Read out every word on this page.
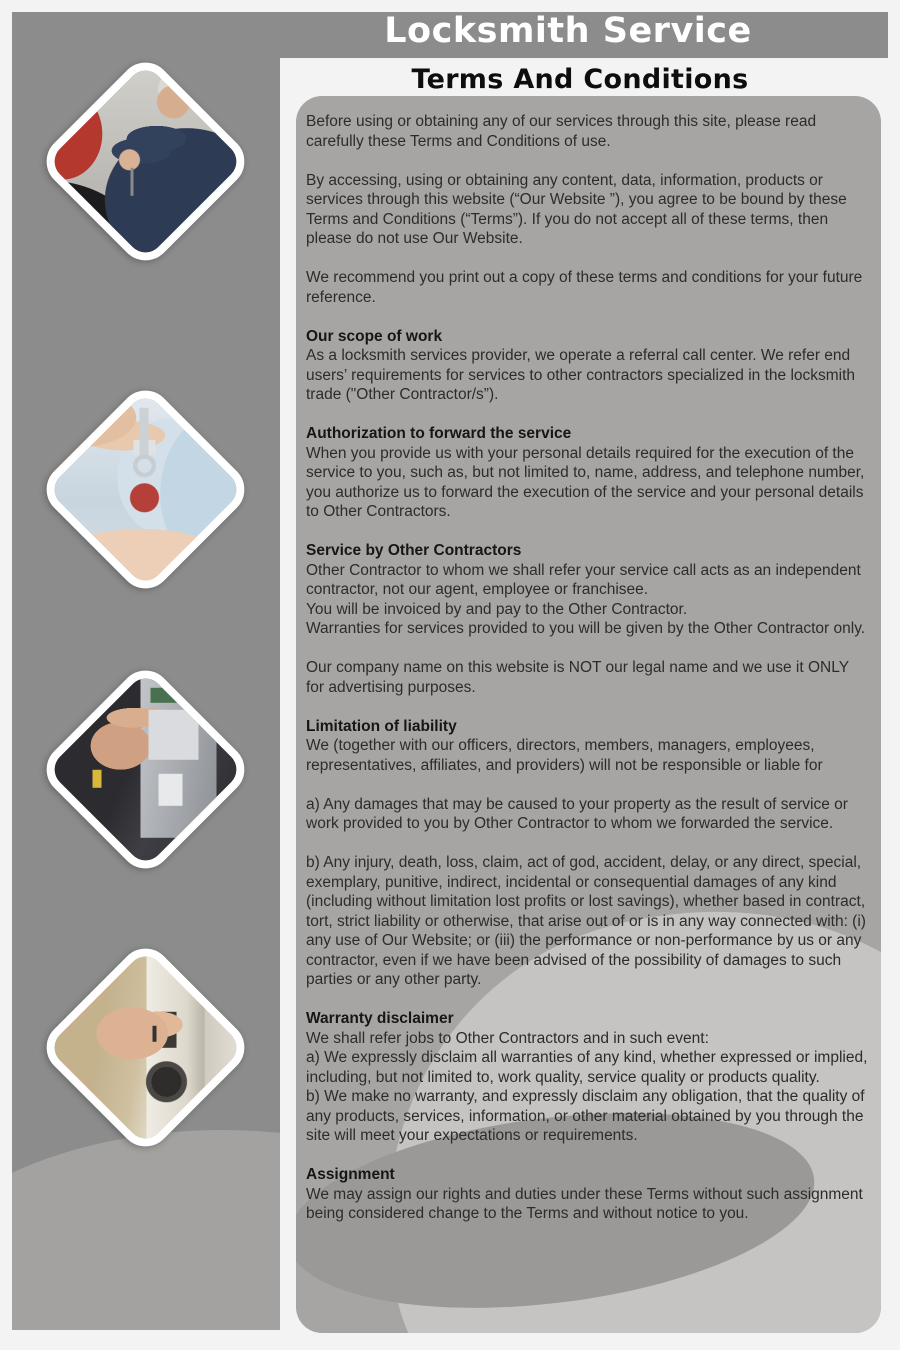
Locksmith Service
Terms And Conditions
Before using or obtaining any of our services through this site, please read carefully these Terms and Conditions of use.
By accessing, using or obtaining any content, data, information, products or services through this website (“Our Website ”), you agree to be bound by these Terms and Conditions (“Terms”). If you do not accept all of these terms, then please do not use Our Website.
We recommend you print out a copy of these terms and conditions for your future reference.
Our scope of work
As a locksmith services provider, we operate a referral call center. We refer end users’ requirements for services to other contractors specialized in the locksmith trade ("Other Contractor/s”).
Authorization to forward the service
When you provide us with your personal details required for the execution of the service to you, such as, but not limited to, name, address, and telephone number, you authorize us to forward the execution of the service and your personal details to Other Contractors.
Service by Other Contractors
Other Contractor to whom we shall refer your service call acts as an independent contractor, not our agent, employee or franchisee.
You will be invoiced by and pay to the Other Contractor.
Warranties for services provided to you will be given by the Other Contractor only.
Our company name on this website is NOT our legal name and we use it ONLY for advertising purposes.
Limitation of liability
We (together with our officers, directors, members, managers, employees, representatives, affiliates, and providers) will not be responsible or liable for
a) Any damages that may be caused to your property as the result of service or work provided to you by Other Contractor to whom we forwarded the service.
b) Any injury, death, loss, claim, act of god, accident, delay, or any direct, special, exemplary, punitive, indirect, incidental or consequential damages of any kind (including without limitation lost profits or lost savings), whether based in contract, tort, strict liability or otherwise, that arise out of or is in any way connected with: (i) any use of Our Website; or (iii) the performance or non-performance by us or any contractor, even if we have been advised of the possibility of damages to such parties or any other party.
Warranty disclaimer
We shall refer jobs to Other Contractors and in such event:
a) We expressly disclaim all warranties of any kind, whether expressed or implied, including, but not limited to, work quality, service quality or products quality.
b) We make no warranty, and expressly disclaim any obligation, that the quality of any products, services, information, or other material obtained by you through the site will meet your expectations or requirements.
Assignment
We may assign our rights and duties under these Terms without such assignment being considered change to the Terms and without notice to you.
